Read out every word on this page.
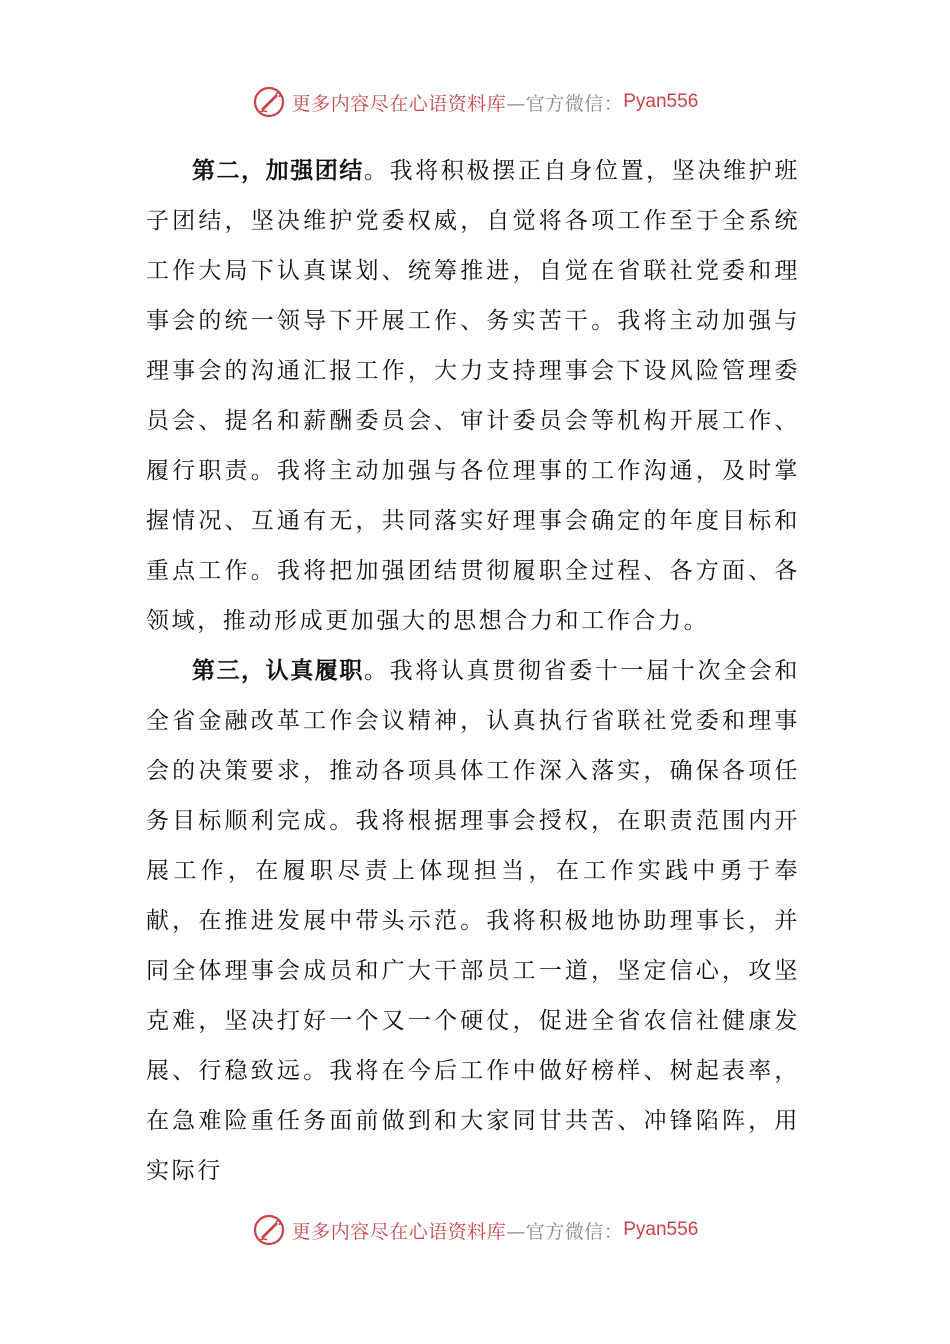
更多内容尽在心语资料库 —官方微信： Pyan556

第二，加强团结。我将积极摆正自身位置，坚决维护班子团结，坚决维护党委权威，自觉将各项工作至于全系统工作大局下认真谋划、统筹推进，自觉在省联社党委和理事会的统一领导下开展工作、务实苦干。我将主动加强与理事会的沟通汇报工作，大力支持理事会下设风险管理委员会、提名和薪酬委员会、审计委员会等机构开展工作、履行职责。我将主动加强与各位理事的工作沟通，及时掌握情况、互通有无，共同落实好理事会确定的年度目标和重点工作。我将把加强团结贯彻履职全过程、各方面、各领域，推动形成更加强大的思想合力和工作合力。

第三，认真履职。我将认真贯彻省委十一届十次全会和全省金融改革工作会议精神，认真执行省联社党委和理事会的决策要求，推动各项具体工作深入落实，确保各项任务目标顺利完成。我将根据理事会授权，在职责范围内开展工作，在履职尽责上体现担当，在工作实践中勇于奉献，在推进发展中带头示范。我将积极地协助理事长，并同全体理事会成员和广大干部员工一道，坚定信心，攻坚克难，坚决打好一个又一个硬仗，促进全省农信社健康发展、行稳致远。我将在今后工作中做好榜样、树起表率，在急难险重任务面前做到和大家同甘共苦、冲锋陷阵，用实际行

更多内容尽在心语资料库 —官方微信： Pyan556
